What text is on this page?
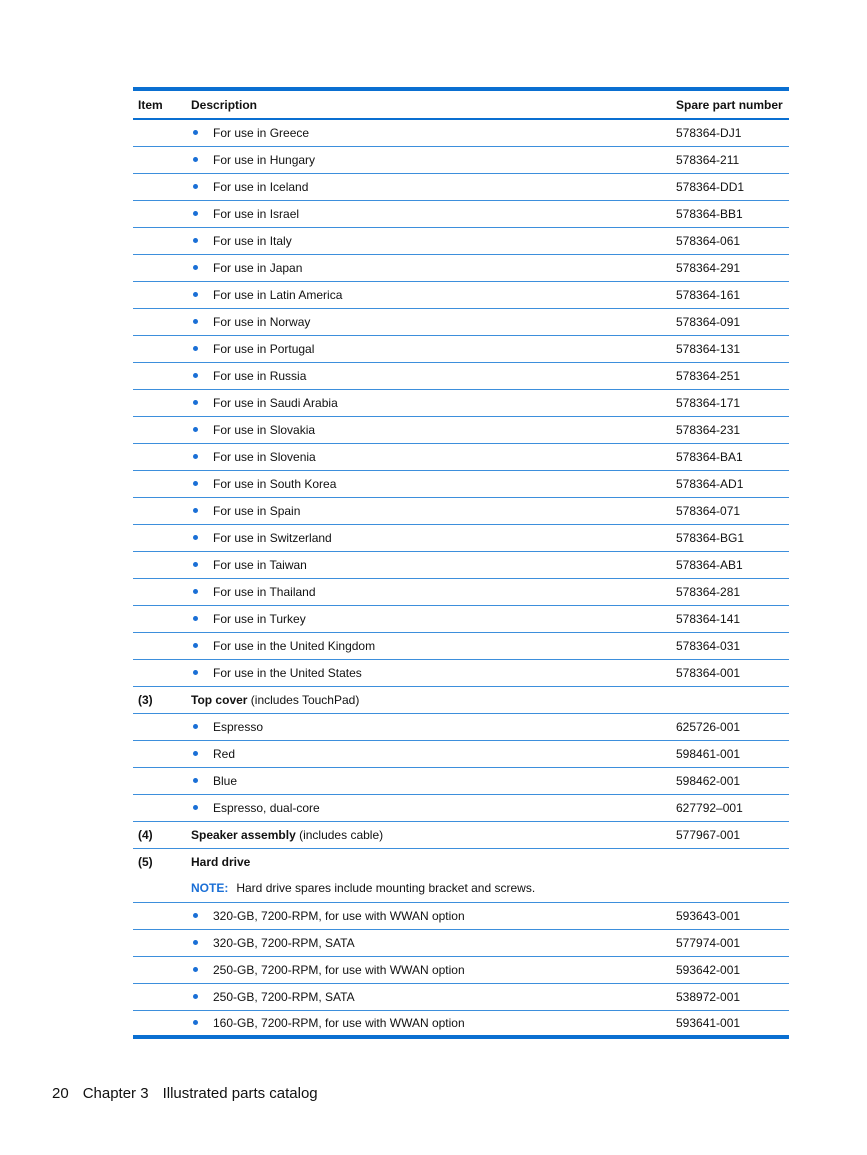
Item	Description	Spare part number

For use in Greece	578364-DJ1

For use in Hungary	578364-211

For use in Iceland	578364-DD1

For use in Israel	578364-BB1

For use in Italy	578364-061

For use in Japan	578364-291

For use in Latin America	578364-161

For use in Norway	578364-091

For use in Portugal	578364-131

For use in Russia	578364-251

For use in Saudi Arabia	578364-171

For use in Slovakia	578364-231

For use in Slovenia	578364-BA1

For use in South Korea	578364-AD1

For use in Spain	578364-071

For use in Switzerland	578364-BG1

For use in Taiwan	578364-AB1

For use in Thailand	578364-281

For use in Turkey	578364-141

For use in the United Kingdom	578364-031

For use in the United States	578364-001
(3)	Top cover (includes TouchPad)	

Espresso	625726-001

Red	598461-001

Blue	598462-001

Espresso, dual-core	627792–001
(4)	Speaker assembly (includes cable)	577967-001
(5)	Hard drive	
	NOTE: Hard drive spares include mounting bracket and screws.	

320-GB, 7200-RPM, for use with WWAN option	593643-001

320-GB, 7200-RPM, SATA	577974-001

250-GB, 7200-RPM, for use with WWAN option	593642-001

250-GB, 7200-RPM, SATA	538972-001

160-GB, 7200-RPM, for use with WWAN option	593641-001
20 Chapter 3 Illustrated parts catalog
